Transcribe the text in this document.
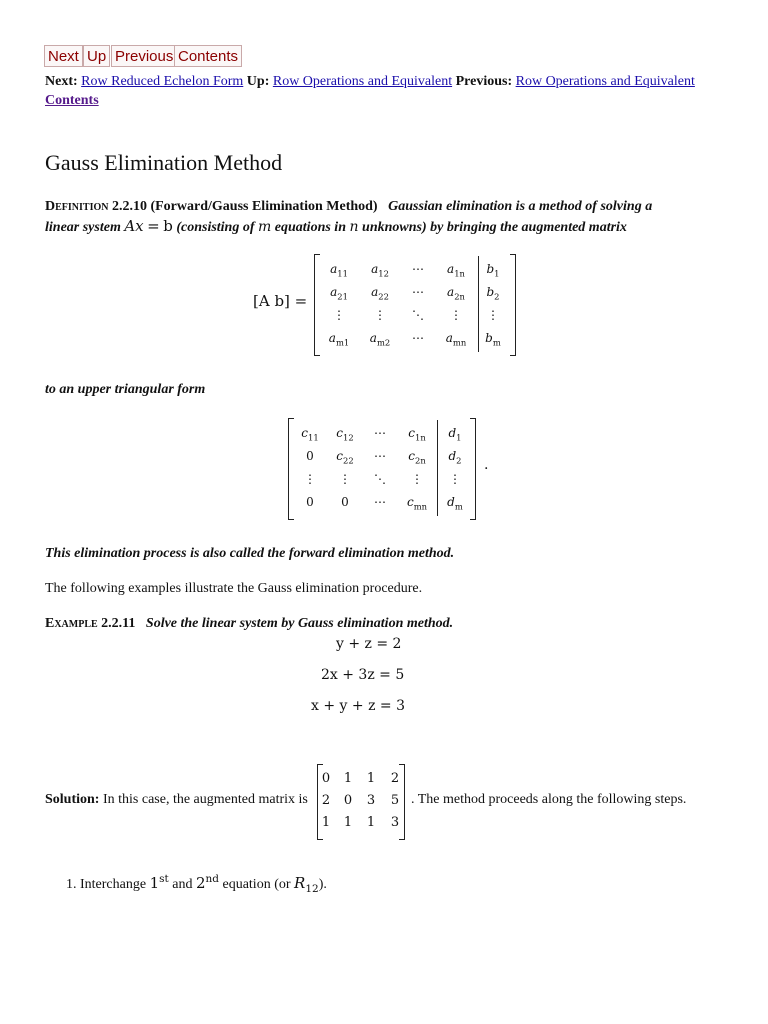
Next Up Previous Contents
Next: Row Reduced Echelon Form Up: Row Operations and Equivalent Previous: Row Operations and Equivalent
Contents
Gauss Elimination Method
Definition 2.2.10 (Forward/Gauss Elimination Method) Gaussian elimination is a method of solving a
linear system Ax = b (consisting of m equations in n unknowns) by bringing the augmented matrix
[A b] =
$a_{11}$	$a_{12}$	⋯	$a_{1n}$	$b_1$
$a_{21}$	$a_{22}$	⋯	$a_{2n}$	$b_2$
⋮	⋮	⋱	⋮	⋮
$a_{m1}$	$a_{m2}$	⋯	$a_{mn}$	$b_m$
to an upper triangular form
$c_{11}$	$c_{12}$	⋯	$c_{1n}$	$d_1$
0	$c_{22}$	⋯	$c_{2n}$	$d_2$
⋮	⋮	⋱	⋮	⋮
0	0	⋯	$c_{mn}$	$d_m$
.
This elimination process is also called the forward elimination method.
The following examples illustrate the Gauss elimination procedure.
Example 2.2.11 Solve the linear system by Gauss elimination method.
y + z = 2
2x + 3z = 5
x + y + z = 3
Solution: In this case, the augmented matrix is
0	1	1	2
2	0	3	5
1	1	1	3
. The method proceeds along the following steps.
1. Interchange 1st and 2nd equation (or $R_{12}$).
